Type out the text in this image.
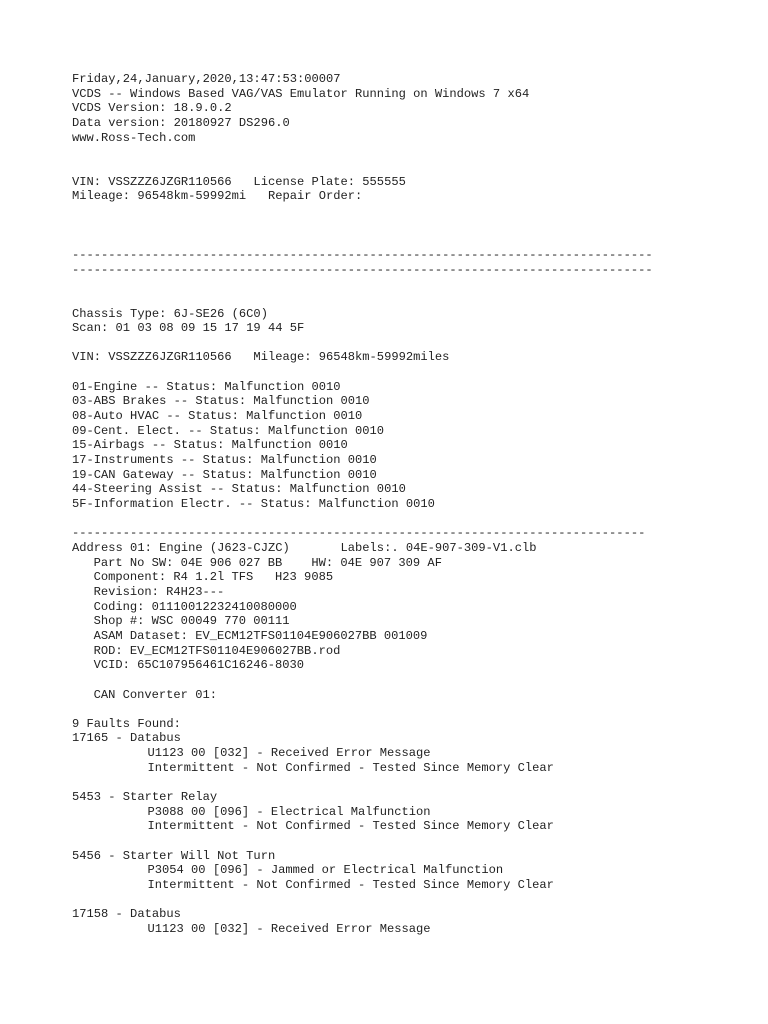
Friday,24,January,2020,13:47:53:00007
VCDS -- Windows Based VAG/VAS Emulator Running on Windows 7 x64
VCDS Version: 18.9.0.2
Data version: 20180927 DS296.0
www.Ross-Tech.com
VIN: VSSZZZ6JZGR110566   License Plate: 555555
Mileage: 96548km-59992mi   Repair Order:
--------------------------------------------------------------------------------
--------------------------------------------------------------------------------
Chassis Type: 6J-SE26 (6C0)
Scan: 01 03 08 09 15 17 19 44 5F
VIN: VSSZZZ6JZGR110566   Mileage: 96548km-59992miles
01-Engine -- Status: Malfunction 0010
03-ABS Brakes -- Status: Malfunction 0010
08-Auto HVAC -- Status: Malfunction 0010
09-Cent. Elect. -- Status: Malfunction 0010
15-Airbags -- Status: Malfunction 0010
17-Instruments -- Status: Malfunction 0010
19-CAN Gateway -- Status: Malfunction 0010
44-Steering Assist -- Status: Malfunction 0010
5F-Information Electr. -- Status: Malfunction 0010
-------------------------------------------------------------------------------
Address 01: Engine (J623-CJZC)       Labels:. 04E-907-309-V1.clb
Part No SW: 04E 906 027 BB    HW: 04E 907 309 AF
Component: R4 1.2l TFS   H23 9085
Revision: R4H23---
Coding: 01110012232410080000
Shop #: WSC 00049 770 00111
ASAM Dataset: EV_ECM12TFS01104E906027BB 001009
ROD: EV_ECM12TFS01104E906027BB.rod
VCID: 65C107956461C16246-8030
CAN Converter 01:
9 Faults Found:
17165 - Databus
U1123 00 [032] - Received Error Message
Intermittent - Not Confirmed - Tested Since Memory Clear
5453 - Starter Relay
P3088 00 [096] - Electrical Malfunction
Intermittent - Not Confirmed - Tested Since Memory Clear
5456 - Starter Will Not Turn
P3054 00 [096] - Jammed or Electrical Malfunction
Intermittent - Not Confirmed - Tested Since Memory Clear
17158 - Databus
U1123 00 [032] - Received Error Message
